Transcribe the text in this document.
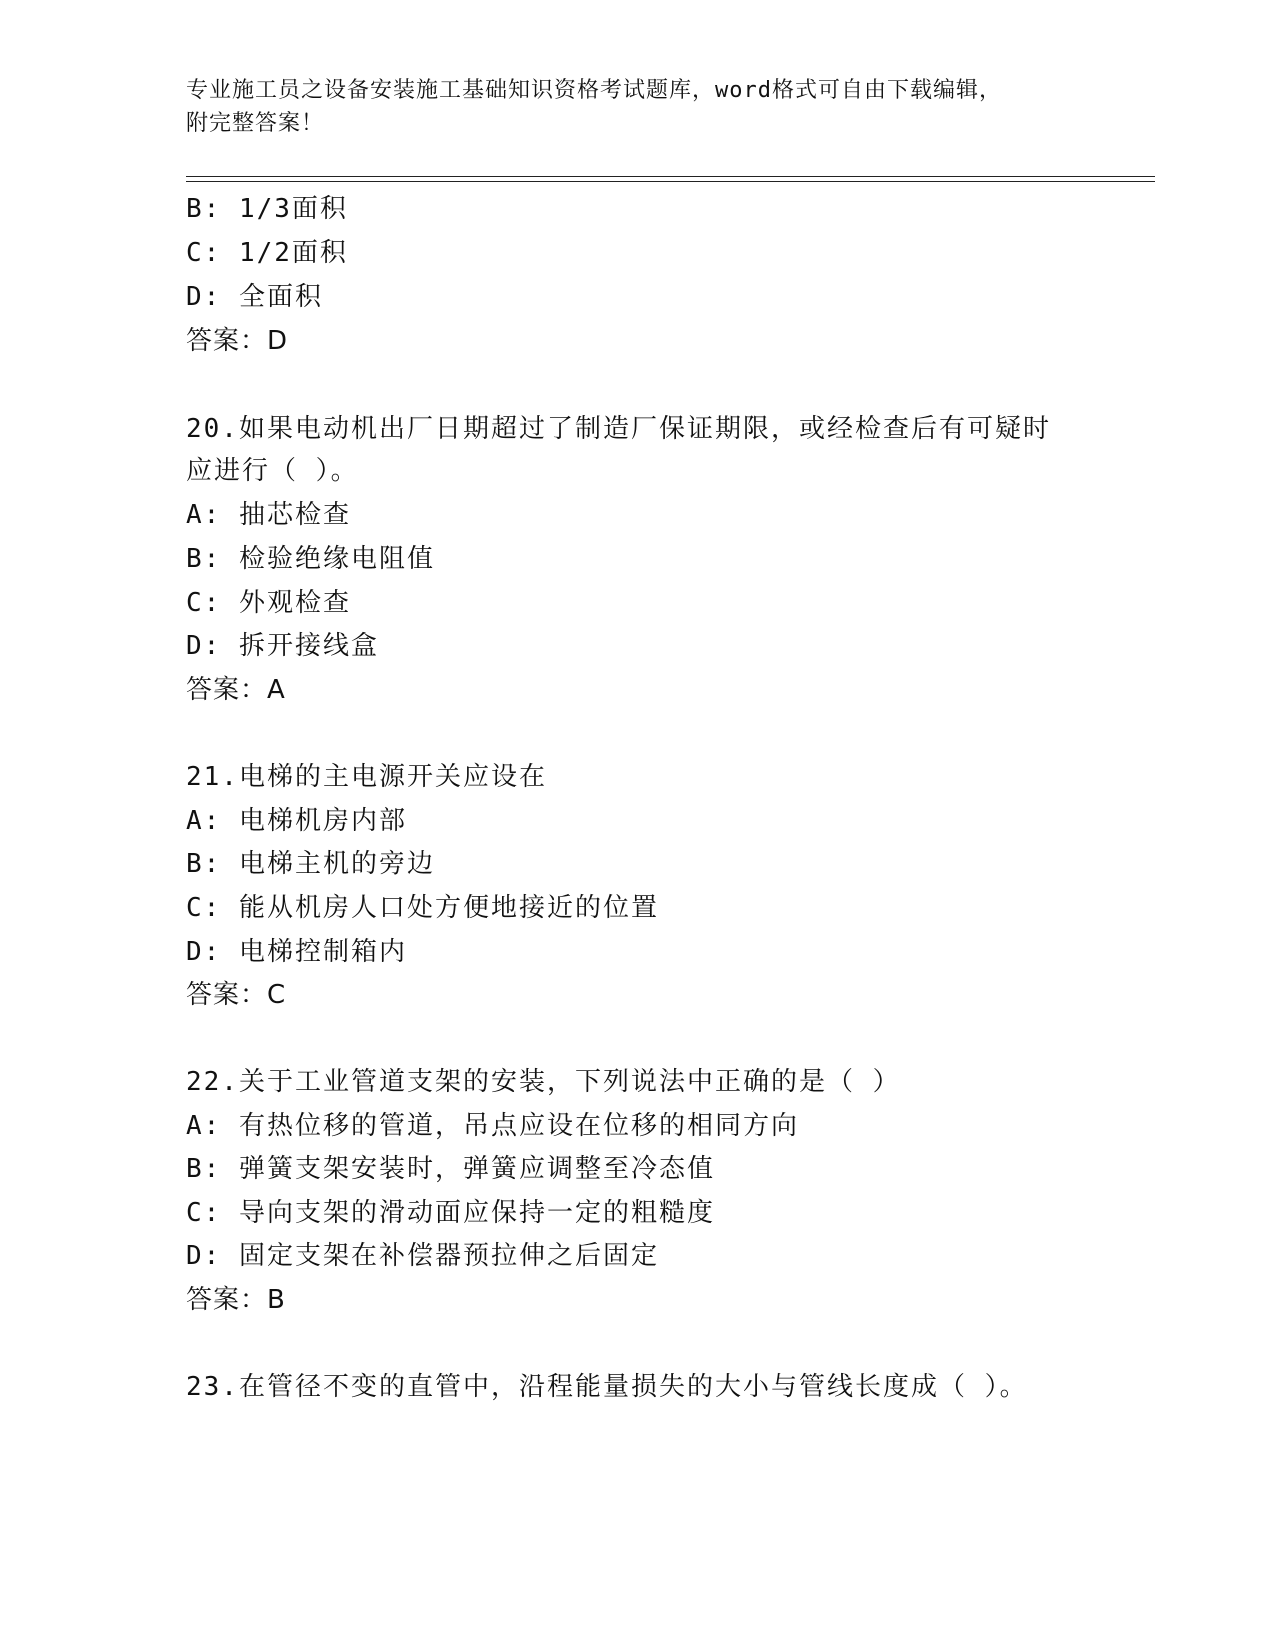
专业施工员之设备安装施工基础知识资格考试题库，word格式可自由下载编辑，
附完整答案！
B: 1/3面积
C: 1/2面积
D: 全面积
答案：D
20.如果电动机出厂日期超过了制造厂保证期限，或经检查后有可疑时
应进行（ ）。
A: 抽芯检查
B: 检验绝缘电阻值
C: 外观检查
D: 拆开接线盒
答案：A
21.电梯的主电源开关应设在
A: 电梯机房内部
B: 电梯主机的旁边
C: 能从机房人口处方便地接近的位置
D: 电梯控制箱内
答案：C
22.关于工业管道支架的安装，下列说法中正确的是（ ）
A: 有热位移的管道，吊点应设在位移的相同方向
B: 弹簧支架安装时，弹簧应调整至冷态值
C: 导向支架的滑动面应保持一定的粗糙度
D: 固定支架在补偿器预拉伸之后固定
答案：B
23.在管径不变的直管中，沿程能量损失的大小与管线长度成（ ）。
